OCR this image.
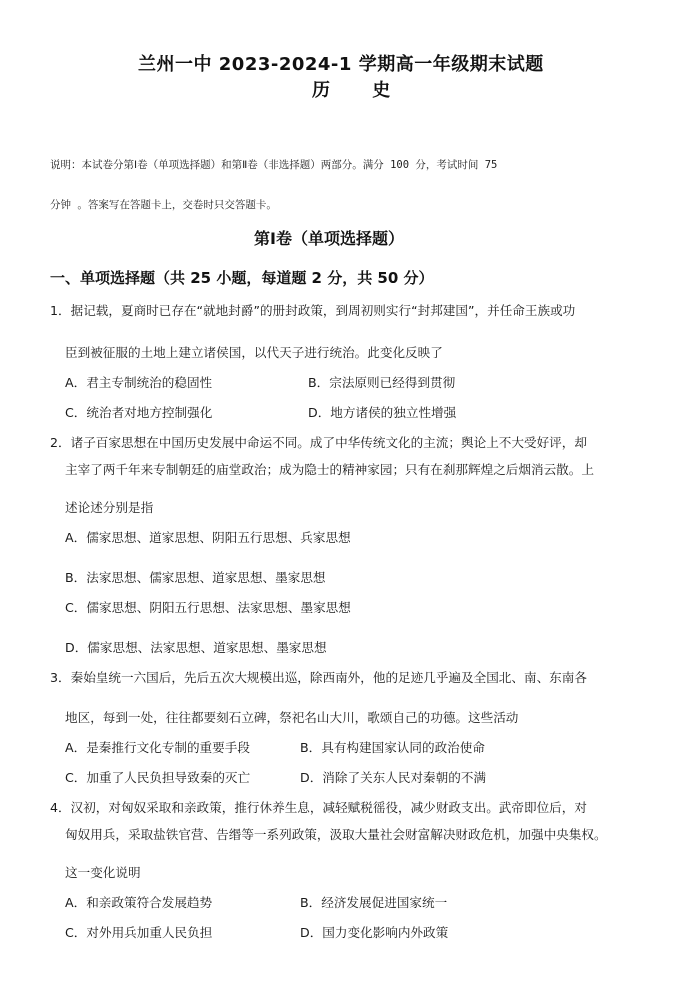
兰州一中 2023-2024-1 学期高一年级期末试题
历 史
说明：本试卷分第Ⅰ卷（单项选择题）和第Ⅱ卷（非选择题）两部分。满分 100 分，考试时间 75
分钟 。答案写在答题卡上，交卷时只交答题卡。
第Ⅰ卷（单项选择题）
一、单项选择题（共 25 小题，每道题 2 分，共 50 分）
1．据记载，夏商时已存在“就地封爵”的册封政策，到周初则实行“封邦建国”，并任命王族或功
臣到被征服的土地上建立诸侯国，以代天子进行统治。此变化反映了
A．君主专制统治的稳固性	B．宗法原则已经得到贯彻
C．统治者对地方控制强化	D．地方诸侯的独立性增强
2．诸子百家思想在中国历史发展中命运不同。成了中华传统文化的主流；舆论上不大受好评，却
主宰了两千年来专制朝廷的庙堂政治；成为隐士的精神家园；只有在刹那辉煌之后烟消云散。上
述论述分别是指
A．儒家思想、道家思想、阴阳五行思想、兵家思想
B．法家思想、儒家思想、道家思想、墨家思想
C．儒家思想、阴阳五行思想、法家思想、墨家思想
D．儒家思想、法家思想、道家思想、墨家思想
3．秦始皇统一六国后，先后五次大规模出巡，除西南外，他的足迹几乎遍及全国北、南、东南各
地区，每到一处，往往都要刻石立碑，祭祀名山大川，歌颂自己的功德。这些活动
A．是秦推行文化专制的重要手段	B．具有构建国家认同的政治使命
C．加重了人民负担导致秦的灭亡	D．消除了关东人民对秦朝的不满
4．汉初，对匈奴采取和亲政策，推行休养生息，减轻赋税徭役，减少财政支出。武帝即位后，对
匈奴用兵，采取盐铁官营、告缗等一系列政策，汲取大量社会财富解决财政危机，加强中央集权。
这一变化说明
A．和亲政策符合发展趋势	B．经济发展促进国家统一
C．对外用兵加重人民负担	D．国力变化影响内外政策
